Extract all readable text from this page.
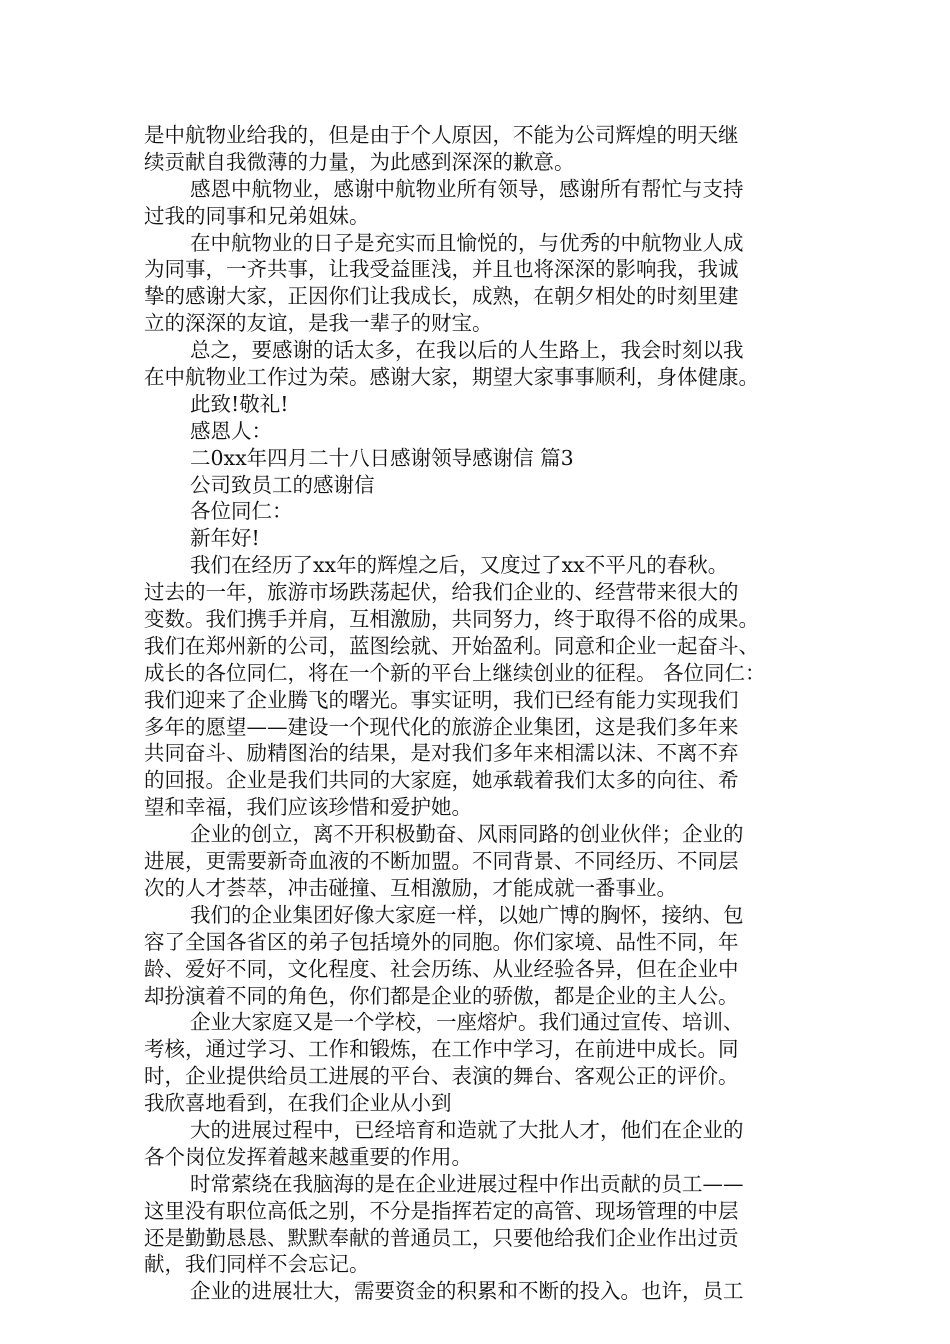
是中航物业给我的，但是由于个人原因，不能为公司辉煌的明天继
续贡献自我微薄的力量，为此感到深深的歉意。
感恩中航物业，感谢中航物业所有领导，感谢所有帮忙与支持
过我的同事和兄弟姐妹。
在中航物业的日子是充实而且愉悦的，与优秀的中航物业人成
为同事，一齐共事，让我受益匪浅，并且也将深深的影响我，我诚
挚的感谢大家，正因你们让我成长，成熟，在朝夕相处的时刻里建
立的深深的友谊，是我一辈子的财宝。
总之，要感谢的话太多，在我以后的人生路上，我会时刻以我
在中航物业工作过为荣。感谢大家，期望大家事事顺利，身体健康。
此致!敬礼!
感恩人：
二0xx年四月二十八日感谢领导感谢信 篇3
公司致员工的感谢信
各位同仁：
新年好!
我们在经历了xx年的辉煌之后，又度过了xx不平凡的春秋。
过去的一年，旅游市场跌荡起伏，给我们企业的、经营带来很大的
变数。我们携手并肩，互相激励，共同努力，终于取得不俗的成果。
我们在郑州新的公司，蓝图绘就、开始盈利。同意和企业一起奋斗、
成长的各位同仁，将在一个新的平台上继续创业的征程。 各位同仁：
我们迎来了企业腾飞的曙光。事实证明，我们已经有能力实现我们
多年的愿望——建设一个现代化的旅游企业集团，这是我们多年来
共同奋斗、励精图治的结果，是对我们多年来相濡以沫、不离不弃
的回报。企业是我们共同的大家庭，她承载着我们太多的向往、希
望和幸福，我们应该珍惜和爱护她。
企业的创立，离不开积极勤奋、风雨同路的创业伙伴；企业的
进展，更需要新奇血液的不断加盟。不同背景、不同经历、不同层
次的人才荟萃，冲击碰撞、互相激励，才能成就一番事业。
我们的企业集团好像大家庭一样，以她广博的胸怀，接纳、包
容了全国各省区的弟子包括境外的同胞。你们家境、品性不同，年
龄、爱好不同，文化程度、社会历练、从业经验各异，但在企业中
却扮演着不同的角色，你们都是企业的骄傲，都是企业的主人公。
企业大家庭又是一个学校，一座熔炉。我们通过宣传、培训、
考核，通过学习、工作和锻炼，在工作中学习，在前进中成长。同
时，企业提供给员工进展的平台、表演的舞台、客观公正的评价。
我欣喜地看到，在我们企业从小到
大的进展过程中，已经培育和造就了大批人才，他们在企业的
各个岗位发挥着越来越重要的作用。
时常萦绕在我脑海的是在企业进展过程中作出贡献的员工——
这里没有职位高低之别，不分是指挥若定的高管、现场管理的中层
还是勤勤恳恳、默默奉献的普通员工，只要他给我们企业作出过贡
献，我们同样不会忘记。
企业的进展壮大，需要资金的积累和不断的投入。也许，员工
